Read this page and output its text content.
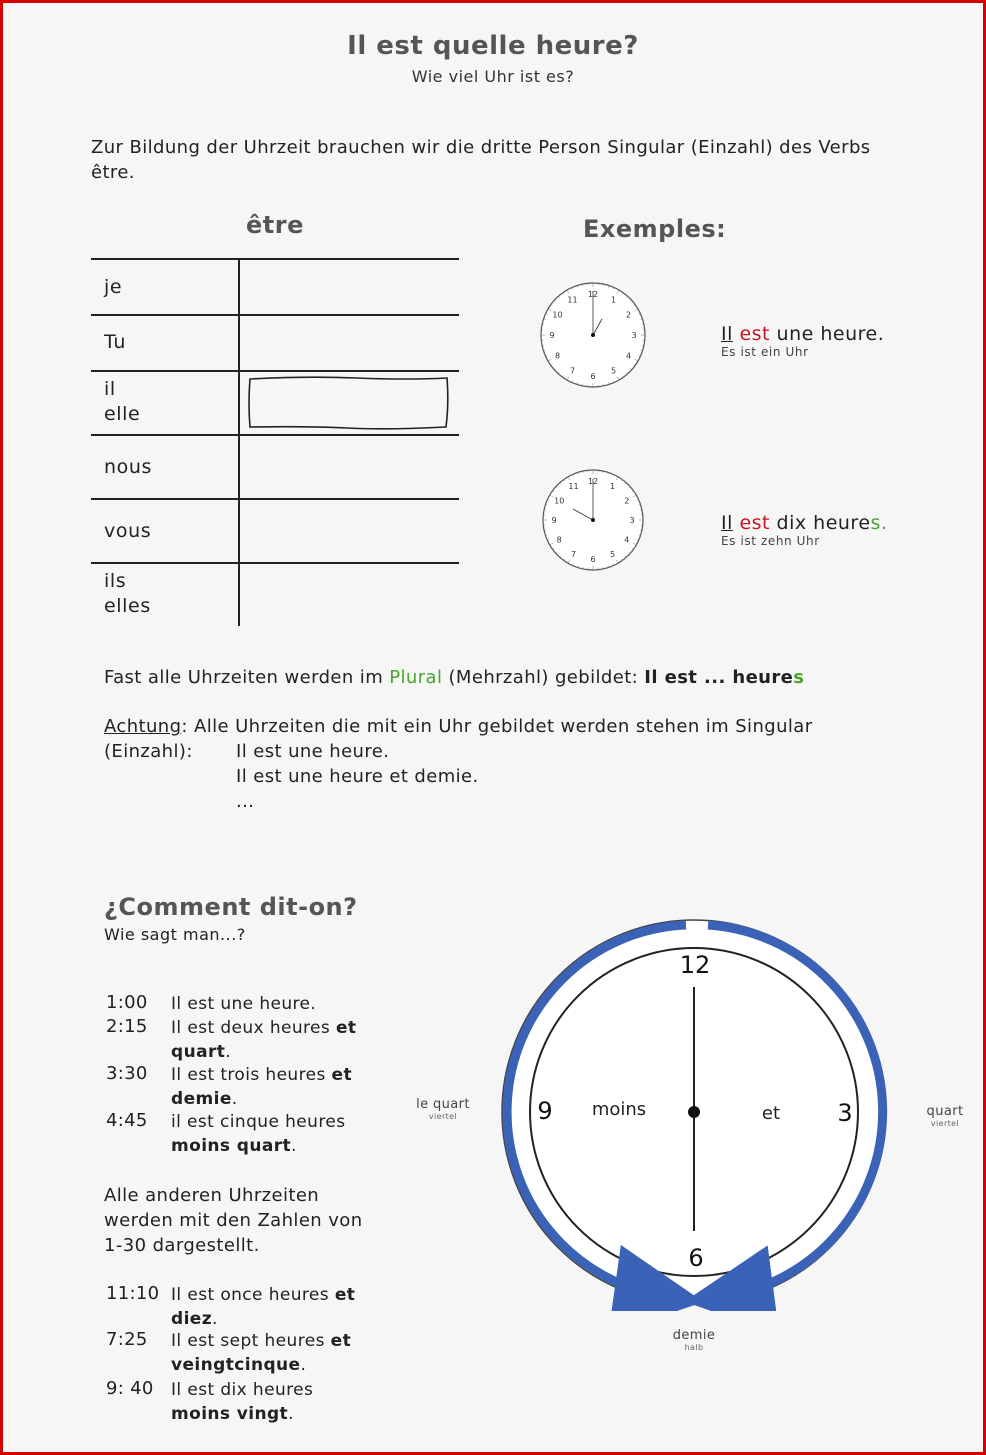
Il est quelle heure?
Wie viel Uhr ist es?
Zur Bildung der Uhrzeit brauchen wir die dritte Person Singular (Einzahl) des Verbs être.
être
je
Tu
il
elle
nous
vous
ils
elles
Exemples:
12
1
2
3
4
5
6
7
8
9
10
11
12
1
2
3
4
5
6
7
8
9
10
11
Il est une heure.
Es ist ein Uhr
Il est dix heures.
Es ist zehn Uhr
Fast alle Uhrzeiten werden im Plural (Mehrzahl) gebildet: Il est ... heures
Achtung: Alle Uhrzeiten die mit ein Uhr gebildet werden stehen im Singular
(Einzahl): Il est une heure.
Il est une heure et demie.
...
¿Comment dit-on?
Wie sagt man...?
1:00 Il est une heure.
2:15 Il est deux heures et quart.
3:30 Il est trois heures et demie.
4:45 il est cinque heures moins quart.
Alle anderen Uhrzeiten werden mit den Zahlen von 1-30 dargestellt.
11:10 Il est once heures et diez.
7:25 Il est sept heures et veingtcinque.
9: 40 Il est dix heures moins vingt.
12
3
6
9 moins	et
le quart
viertel	quart
viertel
demie
halb
